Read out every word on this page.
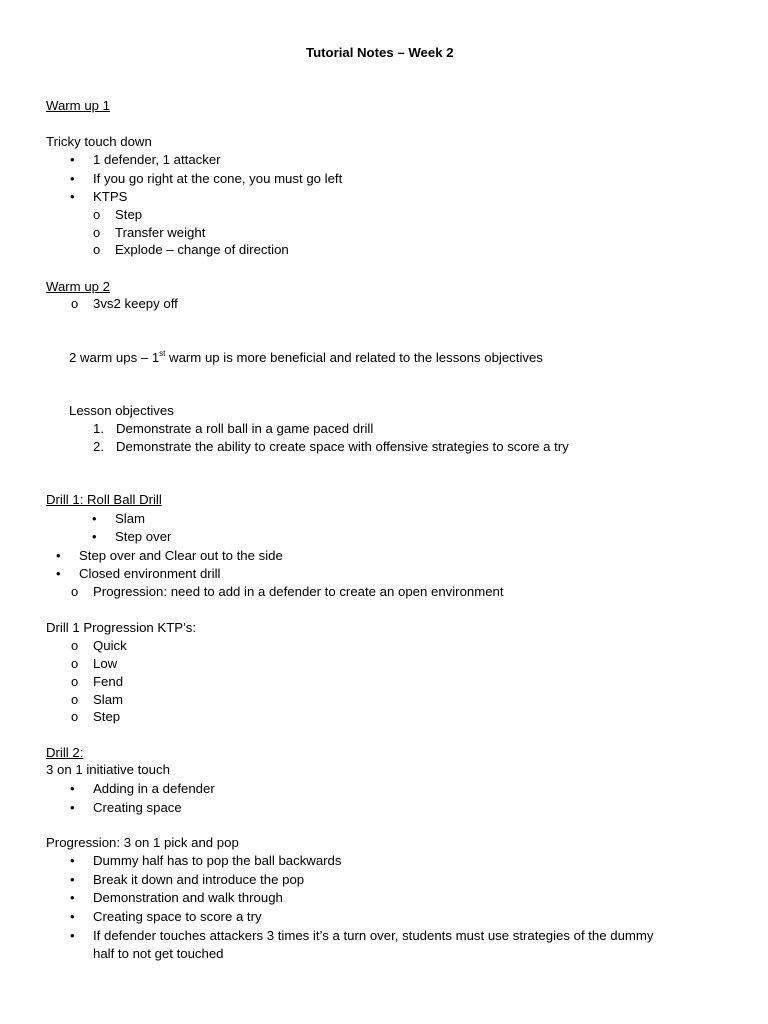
Tutorial Notes – Week 2
Warm up 1
Tricky touch down
• 1 defender, 1 attacker
• If you go right at the cone, you must go left
• KTPS
o Step
o Transfer weight
o Explode – change of direction
Warm up 2
o 3vs2 keepy off
2 warm ups – 1st warm up is more beneficial and related to the lessons objectives
Lesson objectives
1. Demonstrate a roll ball in a game paced drill
2. Demonstrate the ability to create space with offensive strategies to score a try
Drill 1: Roll Ball Drill
• Slam
• Step over
• Step over and Clear out to the side
• Closed environment drill
o Progression: need to add in a defender to create an open environment
Drill 1 Progression KTP’s:
o Quick
o Low
o Fend
o Slam
o Step
Drill 2:
3 on 1 initiative touch
• Adding in a defender
• Creating space
Progression: 3 on 1 pick and pop
• Dummy half has to pop the ball backwards
• Break it down and introduce the pop
• Demonstration and walk through
• Creating space to score a try
• If defender touches attackers 3 times it’s a turn over, students must use strategies of the dummy
half to not get touched
